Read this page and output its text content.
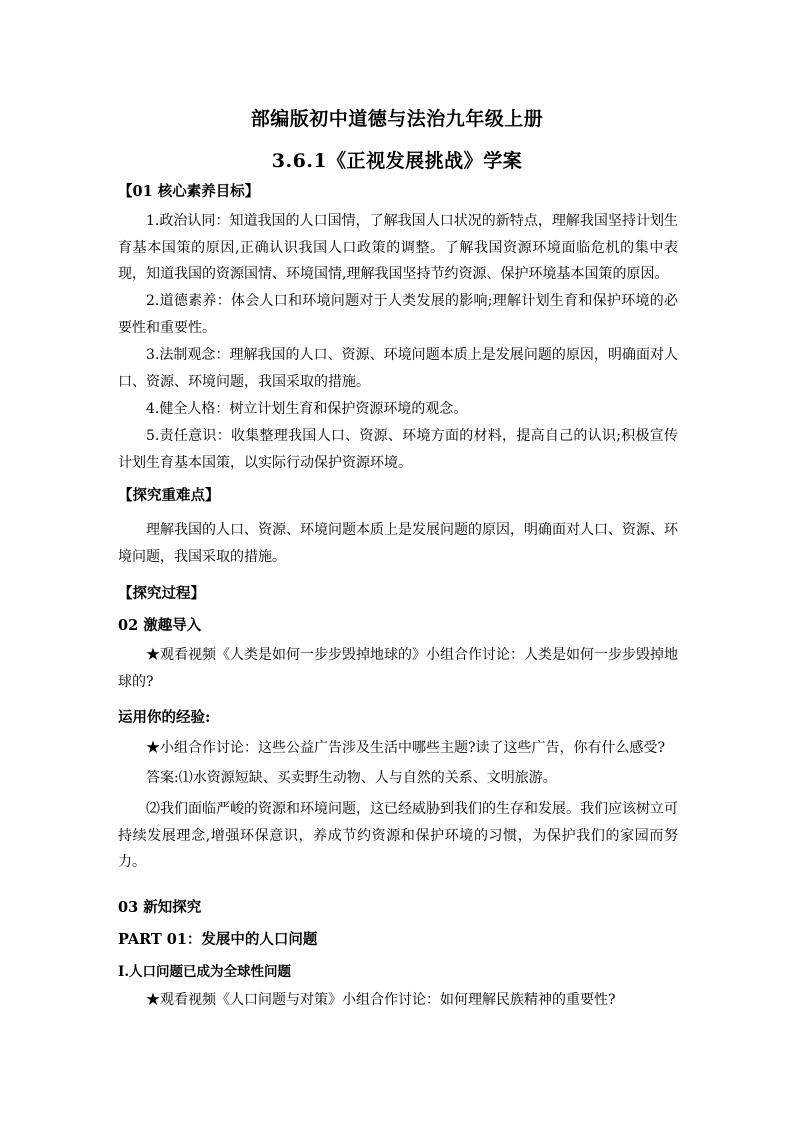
部编版初中道德与法治九年级上册
3.6.1《正视发展挑战》学案
【01 核心素养目标】
1.政治认同：知道我国的人口国情，了解我国人口状况的新特点，理解我国坚持计划生育基本国策的原因,正确认识我国人口政策的调整。了解我国资源环境面临危机的集中表现，知道我国的资源国情、环境国情,理解我国坚持节约资源、保护环境基本国策的原因。
2.道德素养：体会人口和环境问题对于人类发展的影响;理解计划生育和保护环境的必要性和重要性。
3.法制观念：理解我国的人口、资源、环境问题本质上是发展问题的原因，明确面对人口、资源、环境问题，我国采取的措施。
4.健全人格：树立计划生育和保护资源环境的观念。
5.责任意识：收集整理我国人口、资源、环境方面的材料，提高自己的认识;积极宣传计划生育基本国策，以实际行动保护资源环境。
【探究重难点】
理解我国的人口、资源、环境问题本质上是发展问题的原因，明确面对人口、资源、环境问题，我国采取的措施。
【探究过程】
02 激趣导入
★观看视频《人类是如何一步步毁掉地球的》小组合作讨论：人类是如何一步步毁掉地球的?
运用你的经验:
★小组合作讨论：这些公益广告涉及生活中哪些主题?读了这些广告，你有什么感受?
答案:⑴水资源短缺、买卖野生动物、人与自然的关系、文明旅游。
⑵我们面临严峻的资源和环境问题，这已经威胁到我们的生存和发展。我们应该树立可持续发展理念,增强环保意识，养成节约资源和保护环境的习惯，为保护我们的家园而努力。
03 新知探究
PART 01：发展中的人口问题
Ⅰ.人口问题已成为全球性问题
★观看视频《人口问题与对策》小组合作讨论：如何理解民族精神的重要性?
